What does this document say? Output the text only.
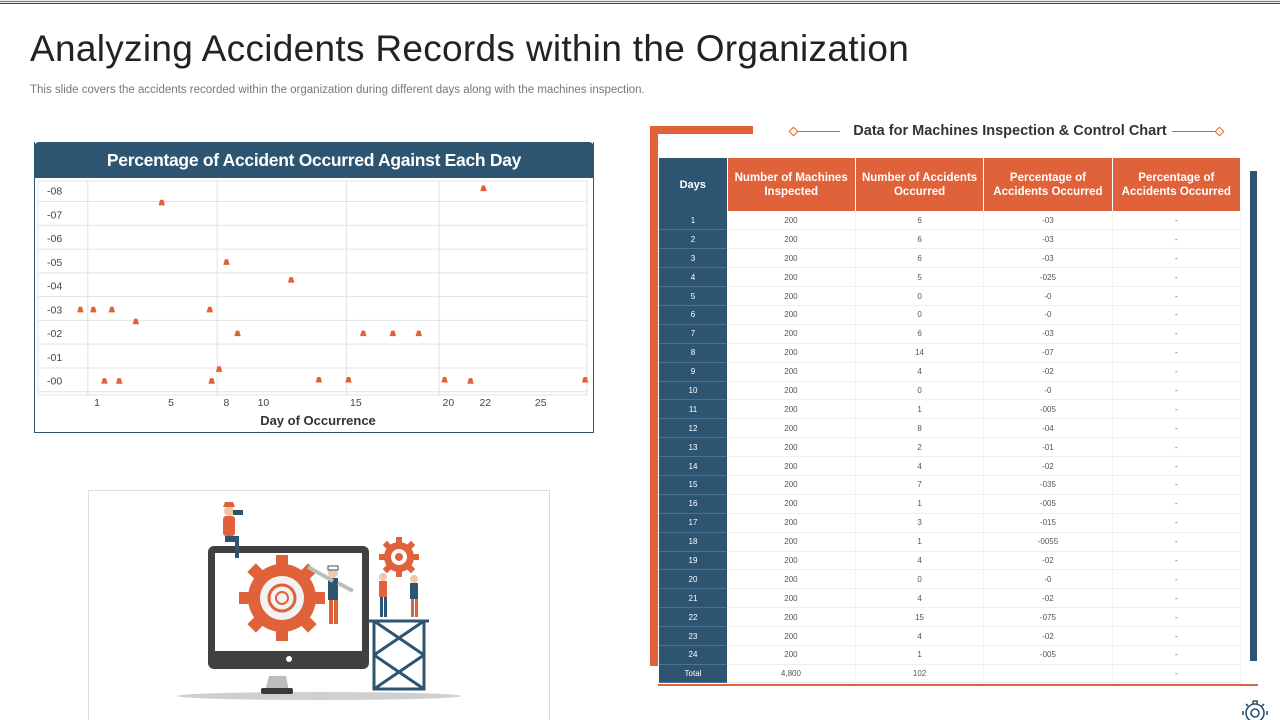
Analyzing Accidents Records within the Organization

This slide covers the accidents recorded within the organization during different days along with the machines inspection.

Percentage of Accident Occurred Against Each Day
-00
-01
-02
-03
-04
-05
-06
-07
-08
1	5	8	10	15	20 22	25
Day of Occurrence
Data for Machines Inspection & Control Chart
Days	Number of Machines Inspected	Number of Accidents Occurred	Percentage of Accidents Occurred	Percentage of Accidents Occurred
1	200	6	-03	-
2	200	6	-03	-
3	200	6	-03	-
4	200	5	-025	-
5	200	0	-0	-
6	200	0	-0	-
7	200	6	-03	-
8	200	14	-07	-
9	200	4	-02	-
10	200	0	-0	-
11	200	1	-005	-
12	200	8	-04	-
13	200	2	-01	-
14	200	4	-02	-
15	200	7	-035	-
16	200	1	-005	-
17	200	3	-015	-
18	200	1	-0055	-
19	200	4	-02	-
20	200	0	-0	-
21	200	4	-02	-
22	200	15	-075	-
23	200	4	-02	-
24	200	1	-005	-
Total	4,800	102		-
